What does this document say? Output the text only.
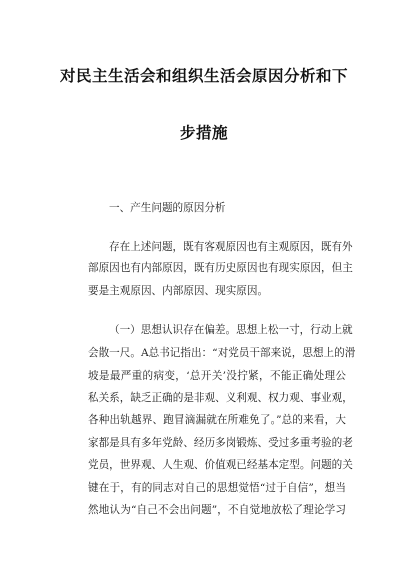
对民主生活会和组织生活会原因分析和下
步措施
一、产生问题的原因分析
存在上述问题，既有客观原因也有主观原因，既有外
部原因也有内部原因，既有历史原因也有现实原因，但主
要是主观原因、内部原因、现实原因。
（一）思想认识存在偏差。思想上松一寸，行动上就
会散一尺。A总书记指出：“对党员干部来说，思想上的滑
坡是最严重的病变，‘总开关’没拧紧，不能正确处理公
私关系，缺乏正确的是非观、义利观、权力观、事业观，
各种出轨越界、跑冒滴漏就在所难免了。”总的来看，大
家都是具有多年党龄、经历多岗锻炼、受过多重考验的老
党员，世界观、人生观、价值观已经基本定型。问题的关
键在于，有的同志对自己的思想觉悟“过于自信”，想当
然地认为“自己不会出问题”，不自觉地放松了理论学习
